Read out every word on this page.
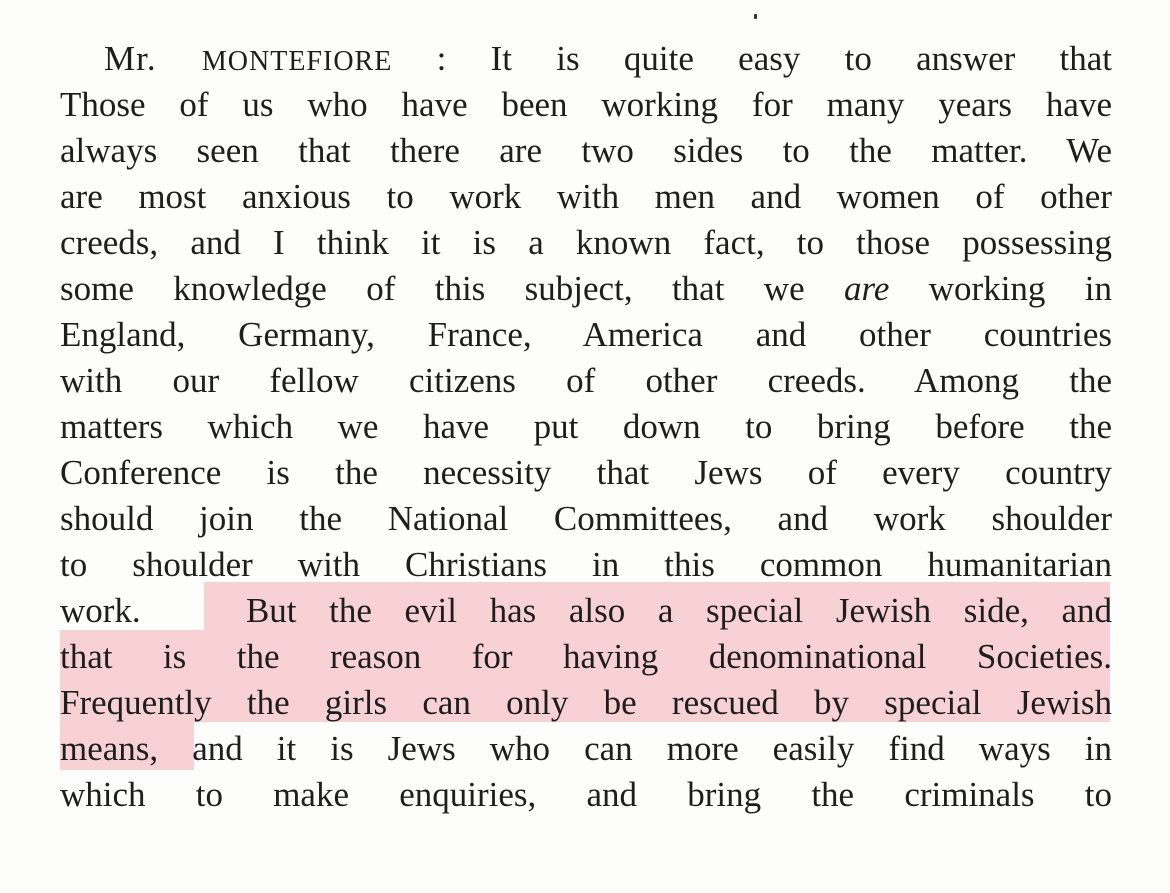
Mr. MONTEFIORE : It is quite easy to answer that
Those of us who have been working for many years have
always seen that there are two sides to the matter. We
are most anxious to work with men and women of other
creeds, and I think it is a known fact, to those possessing
some knowledge of this subject, that we are working in
England, Germany, France, America and other countries
with our fellow citizens of other creeds. Among the
matters which we have put down to bring before the
Conference is the necessity that Jews of every country
should join the National Committees, and work shoulder
to shoulder with Christians in this common humanitarian
work.	But the evil has also a special Jewish side, and
that is the reason for having denominational Societies.
Frequently the girls can only be rescued by special Jewish
means, and it is Jews who can more easily find ways in
which to make enquiries, and bring the criminals to
